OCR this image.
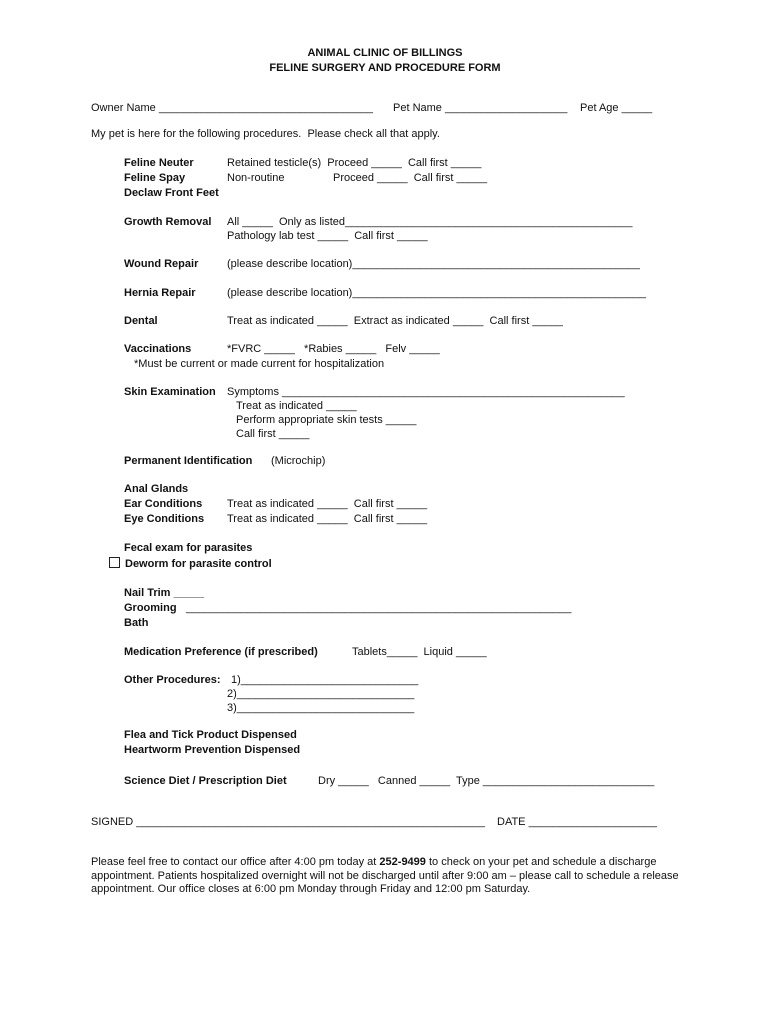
ANIMAL CLINIC OF BILLINGS
FELINE SURGERY AND PROCEDURE FORM
Owner Name ___________________________________ Pet Name ____________________ Pet Age _____
My pet is here for the following procedures.  Please check all that apply.
Feline Neuter	Retained testicle(s)  Proceed _____  Call first _____
Feline Spay	Non-routine	Proceed _____  Call first _____
Declaw Front Feet
Growth Removal All _____  Only as listed_______________________________________________
Pathology lab test _____  Call first _____
Wound Repair	(please describe location)_______________________________________________
Hernia Repair	(please describe location)________________________________________________
Dental	Treat as indicated _____  Extract as indicated _____  Call first _____
Vaccinations	*FVRC _____   *Rabies _____   Felv _____
*Must be current or made current for hospitalization
Skin Examination Symptoms ________________________________________________________
Treat as indicated _____
Perform appropriate skin tests _____
Call first _____
Permanent Identification (Microchip)
Anal Glands
Ear Conditions Treat as indicated _____  Call first _____
Eye Conditions Treat as indicated _____  Call first _____
Fecal exam for parasites
Deworm for parasite control
Nail Trim _____
Grooming _______________________________________________________________
Bath
Medication Preference (if prescribed)	Tablets_____  Liquid _____
Other Procedures: 1)_____________________________
2)_____________________________
3)_____________________________
Flea and Tick Product Dispensed
Heartworm Prevention Dispensed
Science Diet / Prescription Diet	Dry _____   Canned _____  Type ____________________________
SIGNED _________________________________________________________ DATE _____________________
Please feel free to contact our office after 4:00 pm today at 252-9499 to check on your pet and schedule a discharge appointment. Patients hospitalized overnight will not be discharged until after 9:00 am – please call to schedule a release appointment. Our office closes at 6:00 pm Monday through Friday and 12:00 pm Saturday.
